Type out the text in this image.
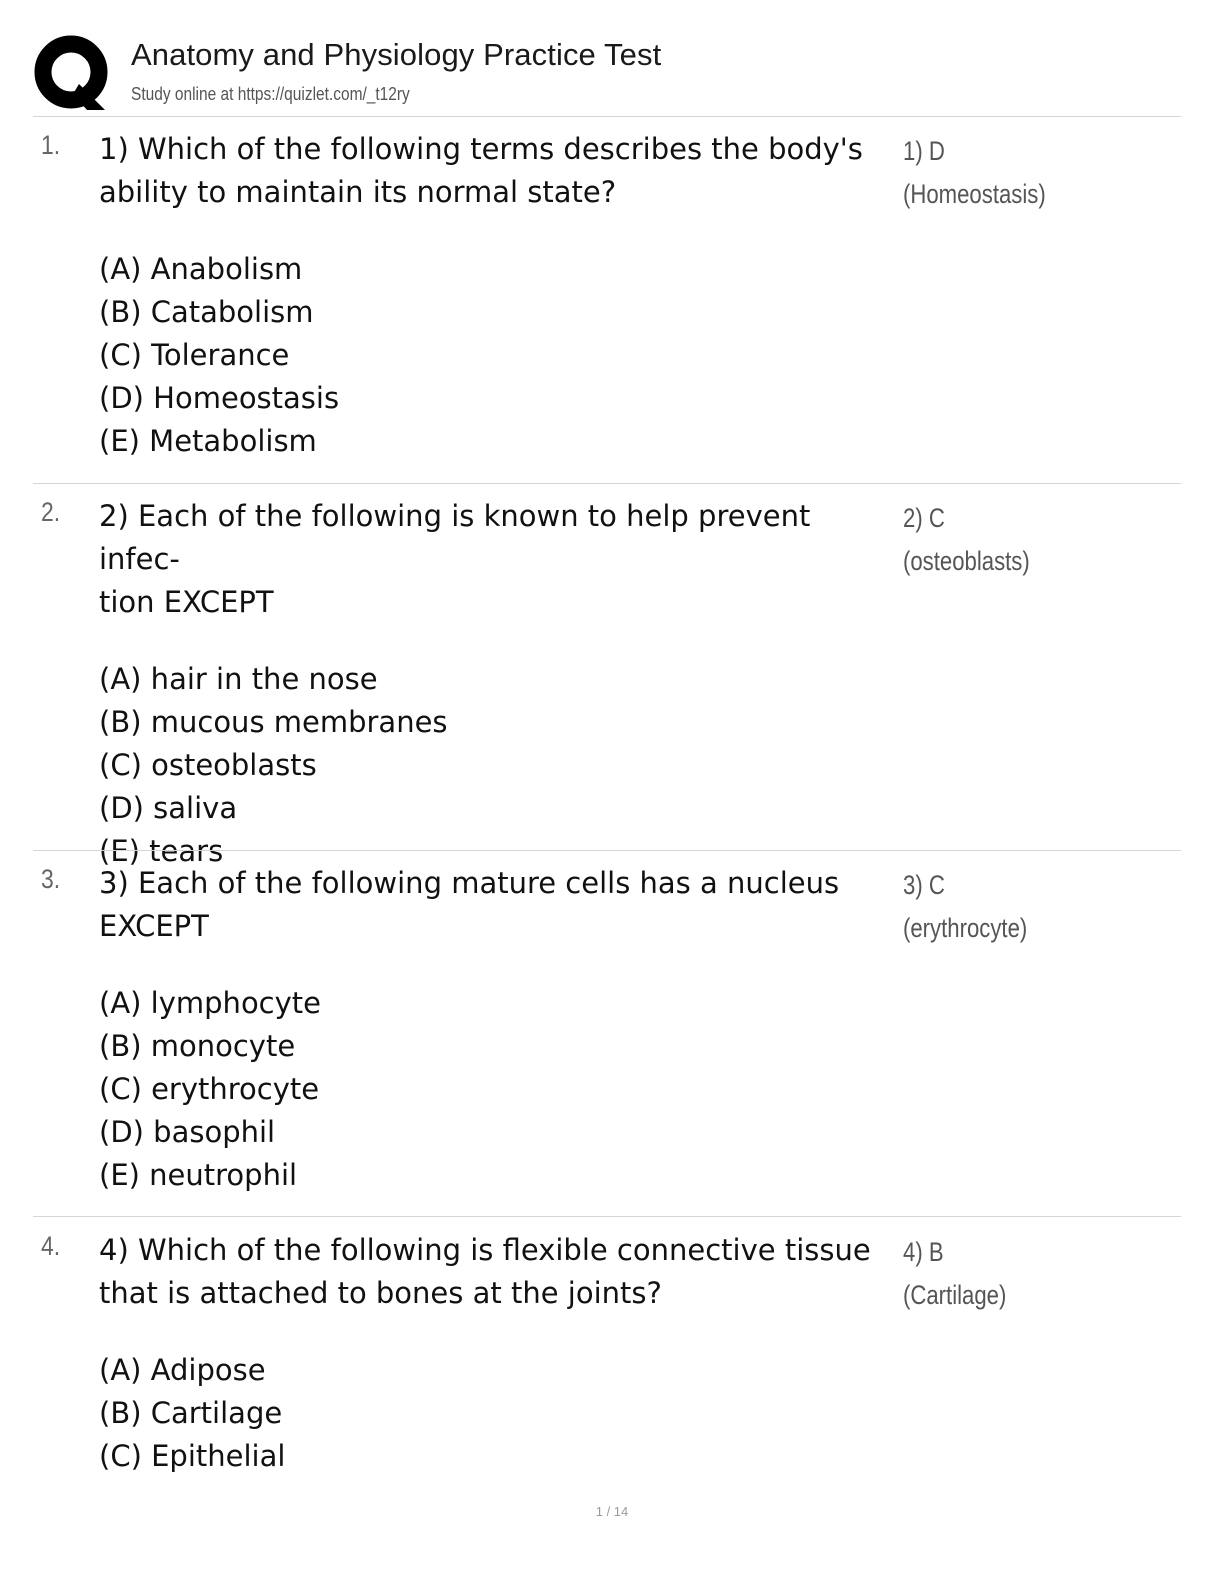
Anatomy and Physiology Practice Test
Study online at https://quizlet.com/_t12ry
1. 1) Which of the following terms describes the body's
ability to maintain its normal state?
(A) Anabolism
(B) Catabolism
(C) Tolerance
(D) Homeostasis
(E) Metabolism
1) D
(Homeostasis)
2. 2) Each of the following is known to help prevent infec-
tion EXCEPT
(A) hair in the nose
(B) mucous membranes
(C) osteoblasts
(D) saliva
(E) tears
2) C
(osteoblasts)
3. 3) Each of the following mature cells has a nucleus
EXCEPT
(A) lymphocyte
(B) monocyte
(C) erythrocyte
(D) basophil
(E) neutrophil
3) C
(erythrocyte)
4. 4) Which of the following is flexible connective tissue
that is attached to bones at the joints?
(A) Adipose
(B) Cartilage
(C) Epithelial
4) B
(Cartilage)
1 / 14
